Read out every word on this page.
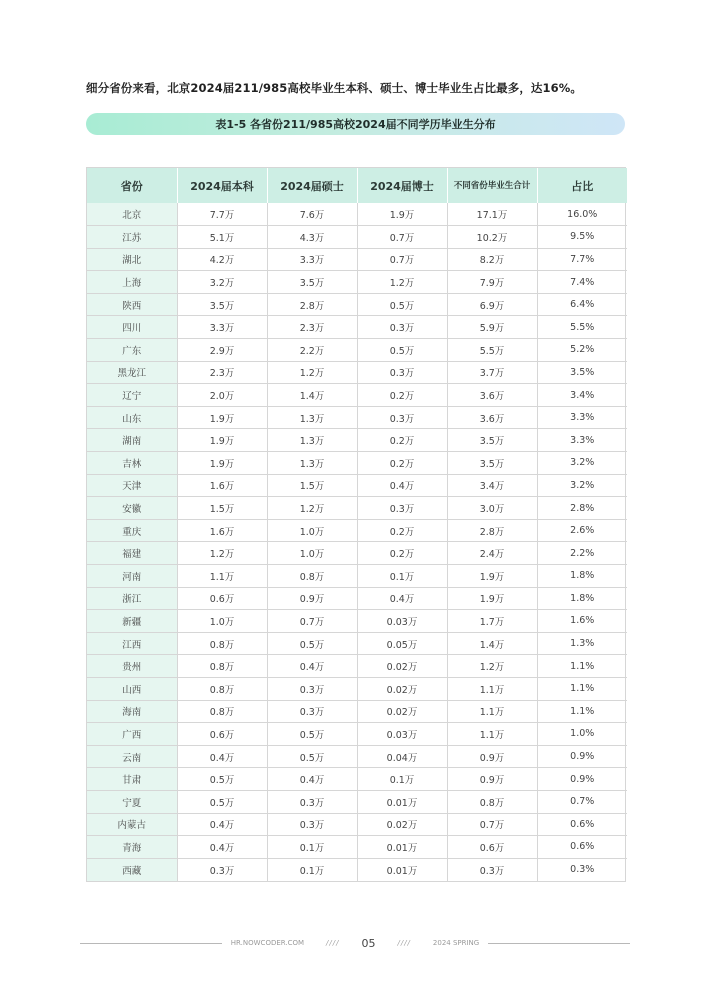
细分省份来看，北京2024届211/985高校毕业生本科、硕士、博士毕业生占比最多，达16%。
表1-5 各省份211/985高校2024届不同学历毕业生分布
省份	2024届本科	2024届硕士	2024届博士	不同省份毕业生合计	占比
北京	7.7万	7.6万	1.9万	17.1万	16.0%
江苏	5.1万	4.3万	0.7万	10.2万	9.5%
湖北	4.2万	3.3万	0.7万	8.2万	7.7%
上海	3.2万	3.5万	1.2万	7.9万	7.4%
陕西	3.5万	2.8万	0.5万	6.9万	6.4%
四川	3.3万	2.3万	0.3万	5.9万	5.5%
广东	2.9万	2.2万	0.5万	5.5万	5.2%
黑龙江	2.3万	1.2万	0.3万	3.7万	3.5%
辽宁	2.0万	1.4万	0.2万	3.6万	3.4%
山东	1.9万	1.3万	0.3万	3.6万	3.3%
湖南	1.9万	1.3万	0.2万	3.5万	3.3%
吉林	1.9万	1.3万	0.2万	3.5万	3.2%
天津	1.6万	1.5万	0.4万	3.4万	3.2%
安徽	1.5万	1.2万	0.3万	3.0万	2.8%
重庆	1.6万	1.0万	0.2万	2.8万	2.6%
福建	1.2万	1.0万	0.2万	2.4万	2.2%
河南	1.1万	0.8万	0.1万	1.9万	1.8%
浙江	0.6万	0.9万	0.4万	1.9万	1.8%
新疆	1.0万	0.7万	0.03万	1.7万	1.6%
江西	0.8万	0.5万	0.05万	1.4万	1.3%
贵州	0.8万	0.4万	0.02万	1.2万	1.1%
山西	0.8万	0.3万	0.02万	1.1万	1.1%
海南	0.8万	0.3万	0.02万	1.1万	1.1%
广西	0.6万	0.5万	0.03万	1.1万	1.0%
云南	0.4万	0.5万	0.04万	0.9万	0.9%
甘肃	0.5万	0.4万	0.1万	0.9万	0.9%
宁夏	0.5万	0.3万	0.01万	0.8万	0.7%
内蒙古	0.4万	0.3万	0.02万	0.7万	0.6%
青海	0.4万	0.1万	0.01万	0.6万	0.6%
西藏	0.3万	0.1万	0.01万	0.3万	0.3%
HR.NOWCODER.COM	//// 05	////	2024 SPRING
